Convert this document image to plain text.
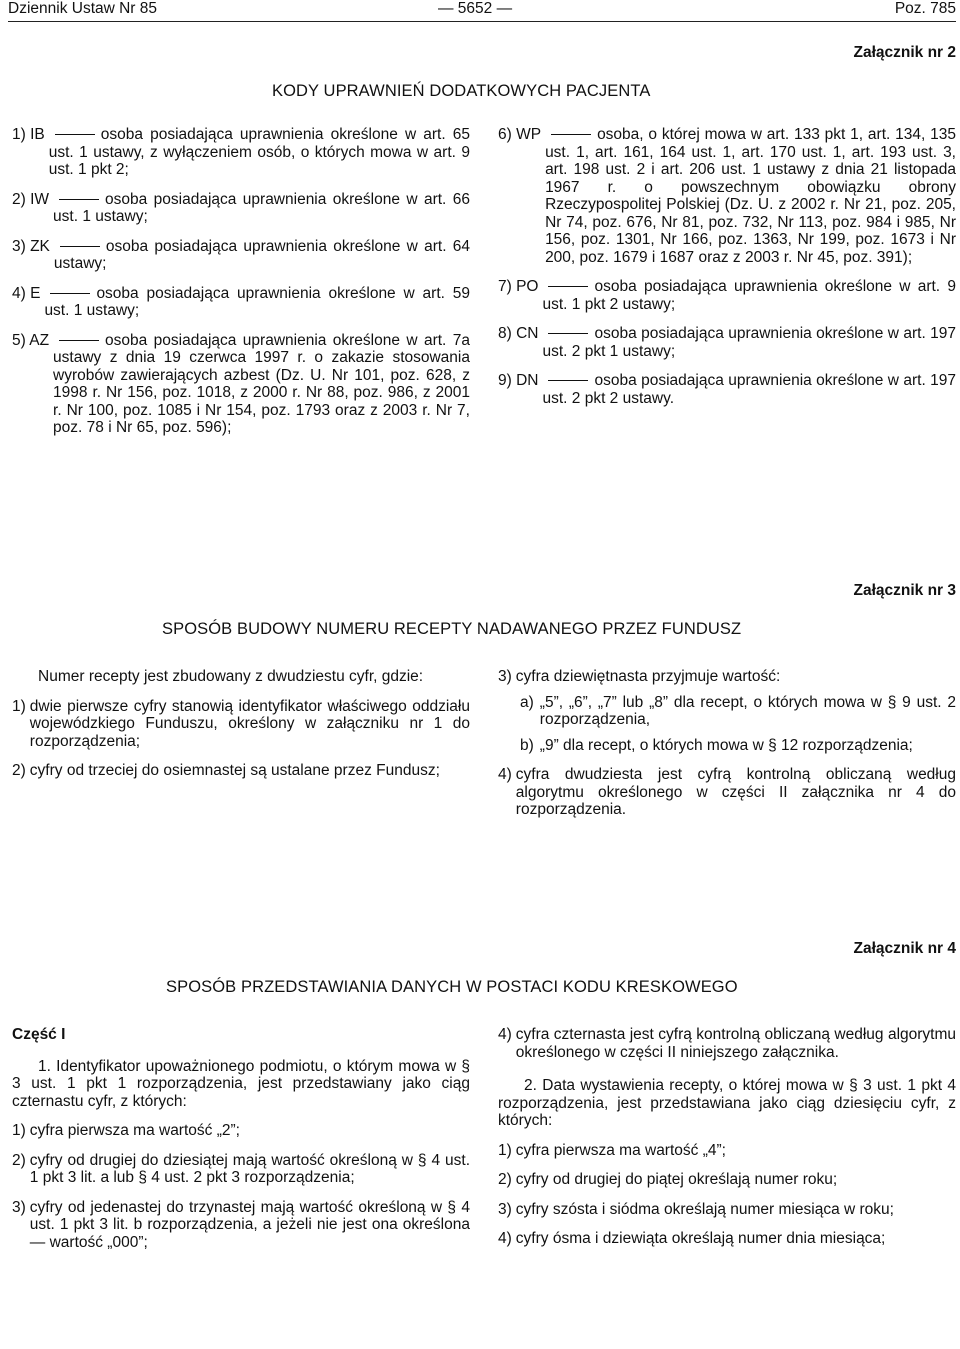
Dziennik Ustaw Nr 85	— 5652 —	Poz. 785
Załącznik nr 2
KODY UPRAWNIEŃ DODATKOWYCH PACJENTA
1) IB	osoba posiadająca uprawnienia określone w art. 65 ust. 1 ustawy, z wyłączeniem osób, o których mowa w art. 9 ust. 1 pkt 2;
2) IW	osoba posiadająca uprawnienia określone w art. 66 ust. 1 ustawy;
3) ZK	osoba posiadająca uprawnienia określone w art. 64 ustawy;
4) E	osoba posiadająca uprawnienia określone w art. 59 ust. 1 ustawy;
5) AZ	osoba posiadająca uprawnienia określone w art. 7a ustawy z dnia 19 czerwca 1997 r. o zakazie stosowania wyrobów zawierających azbest (Dz. U. Nr 101, poz. 628, z 1998 r. Nr 156, poz. 1018, z 2000 r. Nr 88, poz. 986, z 2001 r. Nr 100, poz. 1085 i Nr 154, poz. 1793 oraz z 2003 r. Nr 7, poz. 78 i Nr 65, poz. 596);
6) WP	osoba, o której mowa w art. 133 pkt 1, art. 134, 135 ust. 1, art. 161, 164 ust. 1, art. 170 ust. 1, art. 193 ust. 3, art. 198 ust. 2 i art. 206 ust. 1 ustawy z dnia 21 listopada 1967 r. o powszechnym obowiązku obrony Rzeczypospolitej Polskiej (Dz. U. z 2002 r. Nr 21, poz. 205, Nr 74, poz. 676, Nr 81, poz. 732, Nr 113, poz. 984 i 985, Nr 156, poz. 1301, Nr 166, poz. 1363, Nr 199, poz. 1673 i Nr 200, poz. 1679 i 1687 oraz z 2003 r. Nr 45, poz. 391);
7) PO	osoba posiadająca uprawnienia określone w art. 9 ust. 1 pkt 2 ustawy;
8) CN	osoba posiadająca uprawnienia określone w art. 197 ust. 2 pkt 1 ustawy;
9) DN	osoba posiadająca uprawnienia określone w art. 197 ust. 2 pkt 2 ustawy.
Załącznik nr 3
SPOSÓB BUDOWY NUMERU RECEPTY NADAWANEGO PRZEZ FUNDUSZ
Numer recepty jest zbudowany z dwudziestu cyfr, gdzie:
1) dwie pierwsze cyfry stanowią identyfikator właściwego oddziału wojewódzkiego Funduszu, określony w załączniku nr 1 do rozporządzenia;
2) cyfry od trzeciej do osiemnastej są ustalane przez Fundusz;
3) cyfra dziewiętnasta przyjmuje wartość:
a) „5”, „6”, „7” lub „8” dla recept, o których mowa w § 9 ust. 2 rozporządzenia,
b) „9” dla recept, o których mowa w § 12 rozporządzenia;
4) cyfra dwudziesta jest cyfrą kontrolną obliczaną według algorytmu określonego w części II załącznika nr 4 do rozporządzenia.
Załącznik nr 4
SPOSÓB PRZEDSTAWIANIA DANYCH W POSTACI KODU KRESKOWEGO
Część I
1. Identyfikator upoważnionego podmiotu, o którym mowa w § 3 ust. 1 pkt 1 rozporządzenia, jest przedstawiany jako ciąg czternastu cyfr, z których:
1) cyfra pierwsza ma wartość „2”;
2) cyfry od drugiej do dziesiątej mają wartość określoną w § 4 ust. 1 pkt 3 lit. a lub § 4 ust. 2 pkt 3 rozporządzenia;
3) cyfry od jedenastej do trzynastej mają wartość określoną w § 4 ust. 1 pkt 3 lit. b rozporządzenia, a jeżeli nie jest ona określona — wartość „000”;
4) cyfra czternasta jest cyfrą kontrolną obliczaną według algorytmu określonego w części II niniejszego załącznika.
2. Data wystawienia recepty, o której mowa w § 3 ust. 1 pkt 4 rozporządzenia, jest przedstawiana jako ciąg dziesięciu cyfr, z których:
1) cyfra pierwsza ma wartość „4”;
2) cyfry od drugiej do piątej określają numer roku;
3) cyfry szósta i siódma określają numer miesiąca w roku;
4) cyfry ósma i dziewiąta określają numer dnia miesiąca;
